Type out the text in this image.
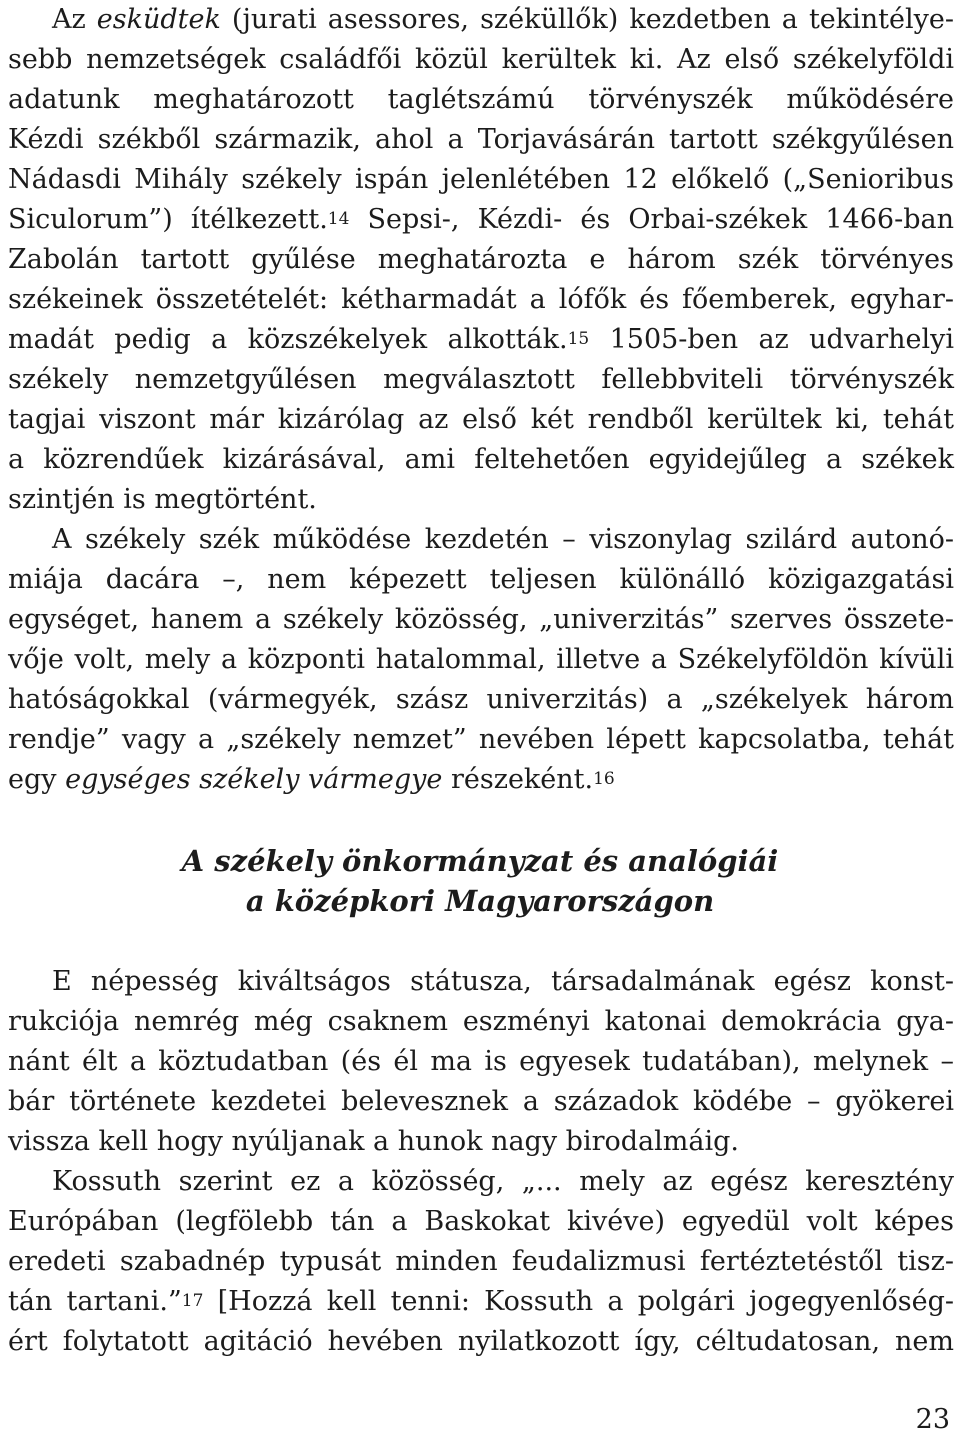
Az esküdtek (jurati asessores, széküllők) kezdetben a tekintélye-
sebb nemzetségek családfői közül kerültek ki. Az első székelyföldi
adatunk meghatározott taglétszámú törvényszék működésére
Kézdi székből származik, ahol a Torjavásárán tartott székgyűlésen
Nádasdi Mihály székely ispán jelenlétében 12 előkelő („Senioribus
Siculorum”) ítélkezett.$^{14}$ Sepsi-, Kézdi- és Orbai-székek 1466-ban
Zabolán tartott gyűlése meghatározta e három szék törvényes
székeinek összetételét: kétharmadát a lófők és főemberek, egyhar-
madát pedig a közszékelyek alkották.$^{15}$ 1505-ben az udvarhelyi
székely nemzetgyűlésen megválasztott fellebbviteli törvényszék
tagjai viszont már kizárólag az első két rendből kerültek ki, tehát
a közrendűek kizárásával, ami feltehetően egyidejűleg a székek
szintjén is megtörtént.
A székely szék működése kezdetén – viszonylag szilárd autonó-
miája dacára –, nem képezett teljesen különálló közigazgatási
egységet, hanem a székely közösség, „univerzitás” szerves összete-
vője volt, mely a központi hatalommal, illetve a Székelyföldön kívüli
hatóságokkal (vármegyék, szász univerzitás) a „székelyek három
rendje” vagy a „székely nemzet” nevében lépett kapcsolatba, tehát
egy egységes székely vármegye részeként.$^{16}$
A székely önkormányzat és analógiái
a középkori Magyarországon
E népesség kiváltságos státusza, társadalmának egész konst-
rukciója nemrég még csaknem eszményi katonai demokrácia gya-
nánt élt a köztudatban (és él ma is egyesek tudatában), melynek –
bár története kezdetei belevesznek a századok ködébe – gyökerei
vissza kell hogy nyúljanak a hunok nagy birodalmáig.
Kossuth szerint ez a közösség, „... mely az egész keresztény
Európában (legfölebb tán a Baskokat kivéve) egyedül volt képes
eredeti szabadnép typusát minden feudalizmusi fertéztetéstől tisz-
tán tartani.”$^{17}$ [Hozzá kell tenni: Kossuth a polgári jogegyenlőség-
ért folytatott agitáció hevében nyilatkozott így, céltudatosan, nem
23
